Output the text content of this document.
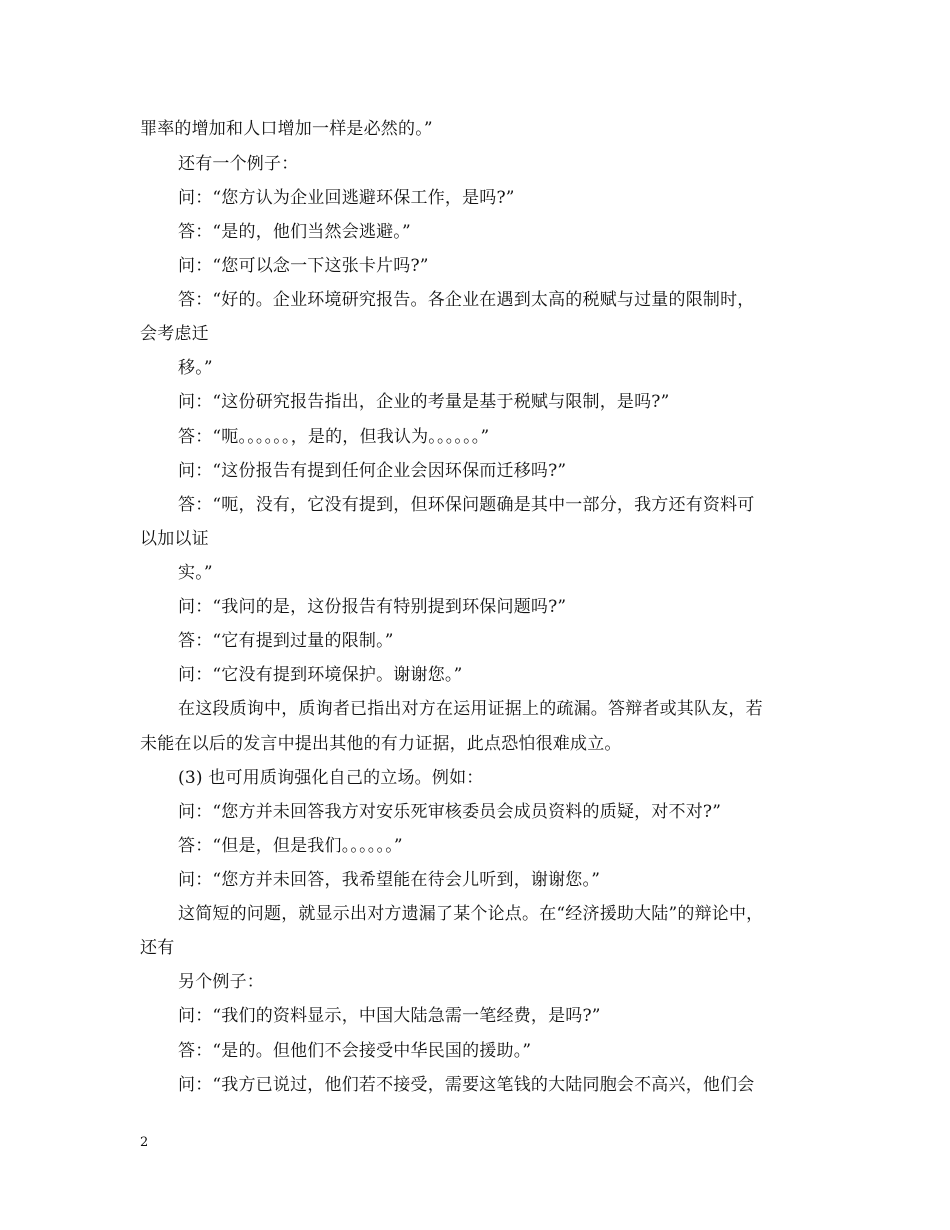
罪率的增加和人口增加一样是必然的。”
还有一个例子：
问：“您方认为企业回逃避环保工作，是吗?”
答：“是的，他们当然会逃避。”
问：“您可以念一下这张卡片吗?”
答：“好的。企业环境研究报告。各企业在遇到太高的税赋与过量的限制时，
会考虑迁
移。”
问：“这份研究报告指出，企业的考量是基于税赋与限制，是吗?”
答：“呃。。。。。。，是的，但我认为。。。。。。”
问：“这份报告有提到任何企业会因环保而迁移吗?”
答：“呃，没有，它没有提到，但环保问题确是其中一部分，我方还有资料可
以加以证
实。”
问：“我问的是，这份报告有特别提到环保问题吗?”
答：“它有提到过量的限制。”
问：“它没有提到环境保护。谢谢您。”
在这段质询中，质询者已指出对方在运用证据上的疏漏。答辩者或其队友，若
未能在以后的发言中提出其他的有力证据，此点恐怕很难成立。
(3) 也可用质询强化自己的立场。例如：
问：“您方并未回答我方对安乐死审核委员会成员资料的质疑，对不对?”
答：“但是，但是我们。。。。。。”
问：“您方并未回答，我希望能在待会儿听到，谢谢您。”
这简短的问题，就显示出对方遗漏了某个论点。在“经济援助大陆”的辩论中，
还有
另个例子：
问：“我们的资料显示，中国大陆急需一笔经费，是吗?”
答：“是的。但他们不会接受中华民国的援助。”
问：“我方已说过，他们若不接受，需要这笔钱的大陆同胞会不高兴，他们会
2
